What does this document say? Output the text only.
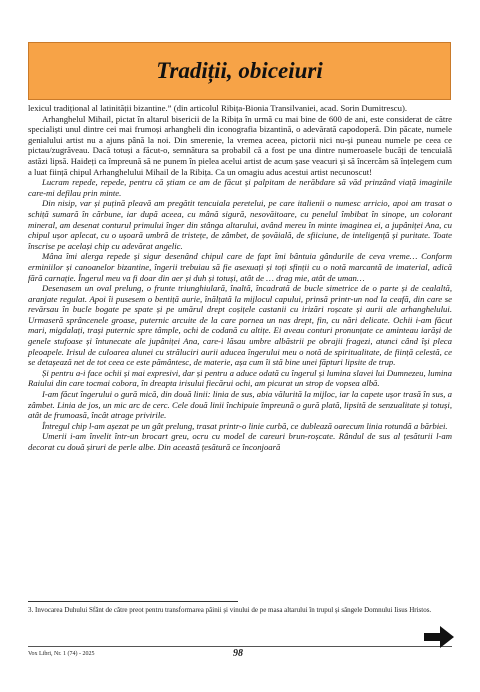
Tradiții, obiceiuri

lexicul tradițional al latinității bizantine.” (din articolul Ribița-Bionia Transilvaniei, acad. Sorin Dumitrescu).

Arhanghelul Mihail, pictat în altarul bisericii de la Ribița în urmă cu mai bine de 600 de ani, este considerat de către specialiști unul dintre cei mai frumoși arhangheli din iconografia bizantină, o adevărată capodoperă. Din păcate, numele genialului artist nu a ajuns până la noi. Din smerenie, la vremea aceea, pictorii nici nu-și puneau numele pe ceea ce pictau/zugrăveau. Dacă totuși a făcut-o, semnătura sa probabil că a fost pe una dintre numeroasele bucăți de tencuială astăzi lipsă. Haideți ca împreună să ne punem în pielea acelui artist de acum șase veacuri și să încercăm să înțelegem cum a luat ființă chipul Arhanghelului Mihail de la Ribița. Ca un omagiu adus acestui artist necunoscut!

Lucram repede, repede, pentru că știam ce am de făcut și palpitam de nerăbdare să văd prinzând viață imaginile care-mi defilau prin minte.

Din nisip, var și puțină pleavă am pregătit tencuiala peretelui, pe care italienii o numesc arricio, apoi am trasat o schiță sumară în cărbune, iar după aceea, cu mână sigură, nesovăitoare, cu penelul îmbibat în sinope, un colorant mineral, am desenat conturul primului înger din stânga altarului, având mereu în minte imaginea ei, a jupâniței Ana, cu chipul ușor aplecat, cu o ușoară umbră de tristețe, de zâmbet, de șovăială, de sfiiciune, de inteligență și puritate. Toate înscrise pe același chip cu adevărat angelic.

Mâna îmi alerga repede și sigur desenând chipul care de fapt îmi bântuia gândurile de ceva vreme… Conform erminiilor și canoanelor bizantine, îngerii trebuiau să fie asexuați și toți sfinții cu o notă marcantă de imaterial, adică fără carnație. Îngerul meu va fi doar din aer și duh și totuși, atât de … drag mie, atât de uman…

Desenasem un oval prelung, o frunte triunghiulară, înaltă, încadrată de bucle simetrice de o parte și de cealaltă, aranjate regulat. Apoi îi pusesem o bentiță aurie, înălțată la mijlocul capului, prinsă printr-un nod la ceafă, din care se revărsau în bucle bogate pe spate și pe umărul drept coșițele castanii cu irizări roșcate și aurii ale arhanghelului. Urmaseră sprâncenele groase, puternic arcuite de la care pornea un nas drept, fin, cu nări delicate. Ochii i-am făcut mari, migdalați, trași puternic spre tâmple, ochi de codană cu altițe. Ei aveau conturi pronunțate ce aminteau iarăși de genele stufoase și întunecate ale jupâniței Ana, care-i lăsau umbre albăstrii pe obrajii fragezi, atunci când își pleca pleoapele. Irisul de culoarea alunei cu străluciri aurii aducea îngerului meu o notă de spiritualitate, de ființă celestă, ce se detașează net de tot ceea ce este pământesc, de materie, așa cum îi stă bine unei făpturi lipsite de trup.

Și pentru a-i face ochii și mai expresivi, dar și pentru a aduce odată cu îngerul și lumina slavei lui Dumnezeu, lumina Raiului din care tocmai cobora, în dreapta irisului fiecărui ochi, am picurat un strop de vopsea albă.

I-am făcut îngerului o gură mică, din două linii: linia de sus, abia vălurită la mijloc, iar la capete ușor trasă în sus, a zâmbet. Linia de jos, un mic arc de cerc. Cele două linii închipuie împreună o gură plată, lipsită de senzualitate și totuși, atât de frumoasă, încât atrage privirile.

Întregul chip l-am așezat pe un gât prelung, trasat printr-o linie curbă, ce dublează oarecum linia rotundă a bărbiei.

Umerii i-am învelit într-un brocart greu, ocru cu model de careuri brun-roșcate. Rândul de sus al țesăturii l-am decorat cu două șiruri de perle albe. Din această țesătură ce înconjoară

3. Invocarea Duhului Sfânt de către preot pentru transformarea pâinii și vinului de pe masa altarului în trupul și sângele Domnului Iisus Hristos.
Vox Libri, Nr. 1 (74) - 2025	98
